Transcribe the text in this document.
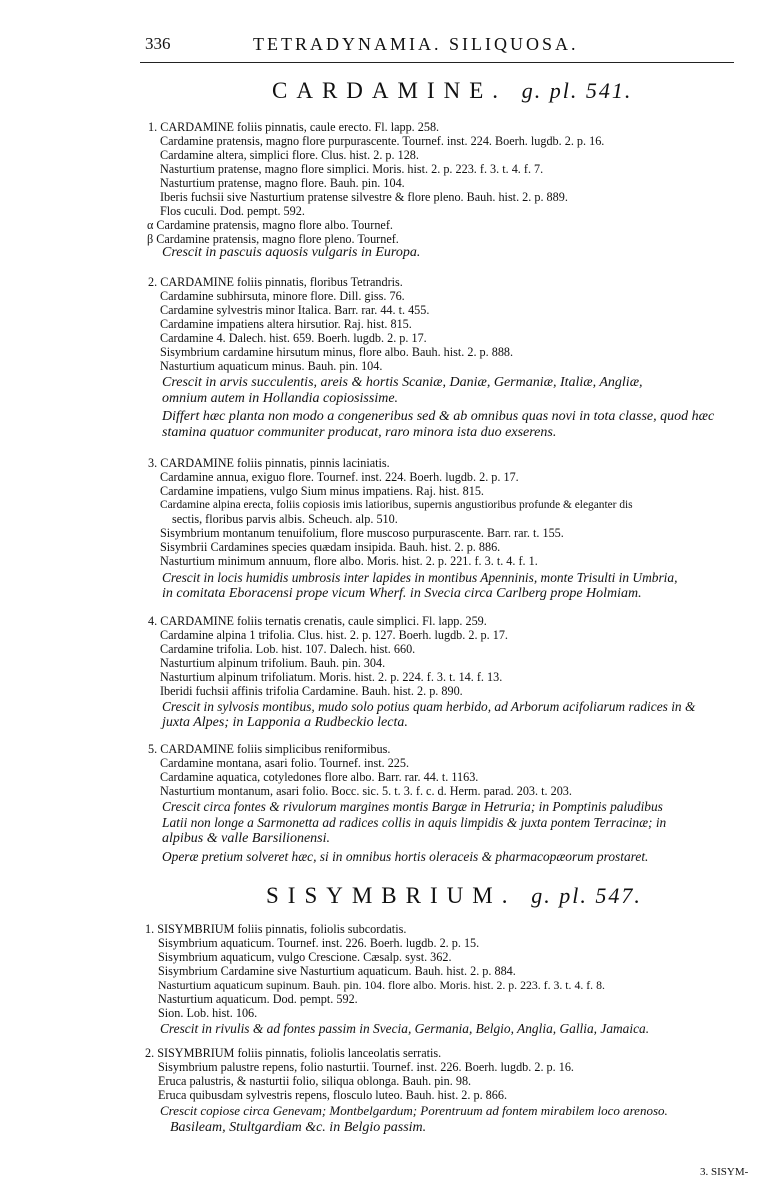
336	TETRADYNAMIA. SILIQUOSA.
CARDAMINE. g. pl. 541.
1. CARDAMINE foliis pinnatis, caule erecto. Fl. lapp. 258.
Cardamine pratensis, magno flore purpurascente. Tournef. inst. 224. Boerh. lugdb. 2. p. 16.
Cardamine altera, simplici flore. Clus. hist. 2. p. 128.
Nasturtium pratense, magno flore simplici. Moris. hist. 2. p. 223. f. 3. t. 4. f. 7.
Nasturtium pratense, magno flore. Bauh. pin. 104.
Iberis fuchsii sive Nasturtium pratense silvestre & flore pleno. Bauh. hist. 2. p. 889.
Flos cuculi. Dod. pempt. 592.
α Cardamine pratensis, magno flore albo. Tournef.
β Cardamine pratensis, magno flore pleno. Tournef.
Crescit in pascuis aquosis vulgaris in Europa.
2. CARDAMINE foliis pinnatis, floribus Tetrandris.
Cardamine subhirsuta, minore flore. Dill. giss. 76.
Cardamine sylvestris minor Italica. Barr. rar. 44. t. 455.
Cardamine impatiens altera hirsutior. Raj. hist. 815.
Cardamine 4. Dalech. hist. 659. Boerh. lugdb. 2. p. 17.
Sisymbrium cardamine hirsutum minus, flore albo. Bauh. hist. 2. p. 888.
Nasturtium aquaticum minus. Bauh. pin. 104.
Crescit in arvis succulentis, areis & hortis Scaniæ, Daniæ, Germaniæ, Italiæ, Angliæ,
omnium autem in Hollandia copiosissime.
Differt hæc planta non modo a congeneribus sed & ab omnibus quas novi in tota classe, quod hæc
stamina quatuor communiter producat, raro minora ista duo exserens.
3. CARDAMINE foliis pinnatis, pinnis laciniatis.
Cardamine annua, exiguo flore. Tournef. inst. 224. Boerh. lugdb. 2. p. 17.
Cardamine impatiens, vulgo Sium minus impatiens. Raj. hist. 815.
Cardamine alpina erecta, foliis copiosis imis latioribus, supernis angustioribus profunde & eleganter dis
sectis, floribus parvis albis. Scheuch. alp. 510.
Sisymbrium montanum tenuifolium, flore muscoso purpurascente. Barr. rar. t. 155.
Sisymbrii Cardamines species quædam insipida. Bauh. hist. 2. p. 886.
Nasturtium minimum annuum, flore albo. Moris. hist. 2. p. 221. f. 3. t. 4. f. 1.
Crescit in locis humidis umbrosis inter lapides in montibus Apenninis, monte Trisulti in Umbria,
in comitata Eboracensi prope vicum Wherf. in Svecia circa Carlberg prope Holmiam.
4. CARDAMINE foliis ternatis crenatis, caule simplici. Fl. lapp. 259.
Cardamine alpina 1 trifolia. Clus. hist. 2. p. 127. Boerh. lugdb. 2. p. 17.
Cardamine trifolia. Lob. hist. 107. Dalech. hist. 660.
Nasturtium alpinum trifolium. Bauh. pin. 304.
Nasturtium alpinum trifoliatum. Moris. hist. 2. p. 224. f. 3. t. 14. f. 13.
Iberidi fuchsii affinis trifolia Cardamine. Bauh. hist. 2. p. 890.
Crescit in sylvosis montibus, mudo solo potius quam herbido, ad Arborum acifoliarum radices in &
juxta Alpes; in Lapponia a Rudbeckio lecta.
5. CARDAMINE foliis simplicibus reniformibus.
Cardamine montana, asari folio. Tournef. inst. 225.
Cardamine aquatica, cotyledones flore albo. Barr. rar. 44. t. 1163.
Nasturtium montanum, asari folio. Bocc. sic. 5. t. 3. f. c. d. Herm. parad. 203. t. 203.
Crescit circa fontes & rivulorum margines montis Bargæ in Hetruria; in Pomptinis paludibus
Latii non longe a Sarmonetta ad radices collis in aquis limpidis & juxta pontem Terracinæ; in
alpibus & valle Barsilionensi.
Operæ pretium solveret hæc, si in omnibus hortis oleraceis & pharmacopæorum prostaret.
SISYMBRIUM. g. pl. 547.
1. SISYMBRIUM foliis pinnatis, foliolis subcordatis.
Sisymbrium aquaticum. Tournef. inst. 226. Boerh. lugdb. 2. p. 15.
Sisymbrium aquaticum, vulgo Crescione. Cæsalp. syst. 362.
Sisymbrium Cardamine sive Nasturtium aquaticum. Bauh. hist. 2. p. 884.
Nasturtium aquaticum supinum. Bauh. pin. 104. flore albo. Moris. hist. 2. p. 223. f. 3. t. 4. f. 8.
Nasturtium aquaticum. Dod. pempt. 592.
Sion. Lob. hist. 106.
Crescit in rivulis & ad fontes passim in Svecia, Germania, Belgio, Anglia, Gallia, Jamaica.
2. SISYMBRIUM foliis pinnatis, foliolis lanceolatis serratis.
Sisymbrium palustre repens, folio nasturtii. Tournef. inst. 226. Boerh. lugdb. 2. p. 16.
Eruca palustris, & nasturtii folio, siliqua oblonga. Bauh. pin. 98.
Eruca quibusdam sylvestris repens, flosculo luteo. Bauh. hist. 2. p. 866.
Crescit copiose circa Genevam; Montbelgardum; Porentruum ad fontem mirabilem loco arenoso.
Basileam, Stultgardiam &c. in Belgio passim.
3. SISYM-
